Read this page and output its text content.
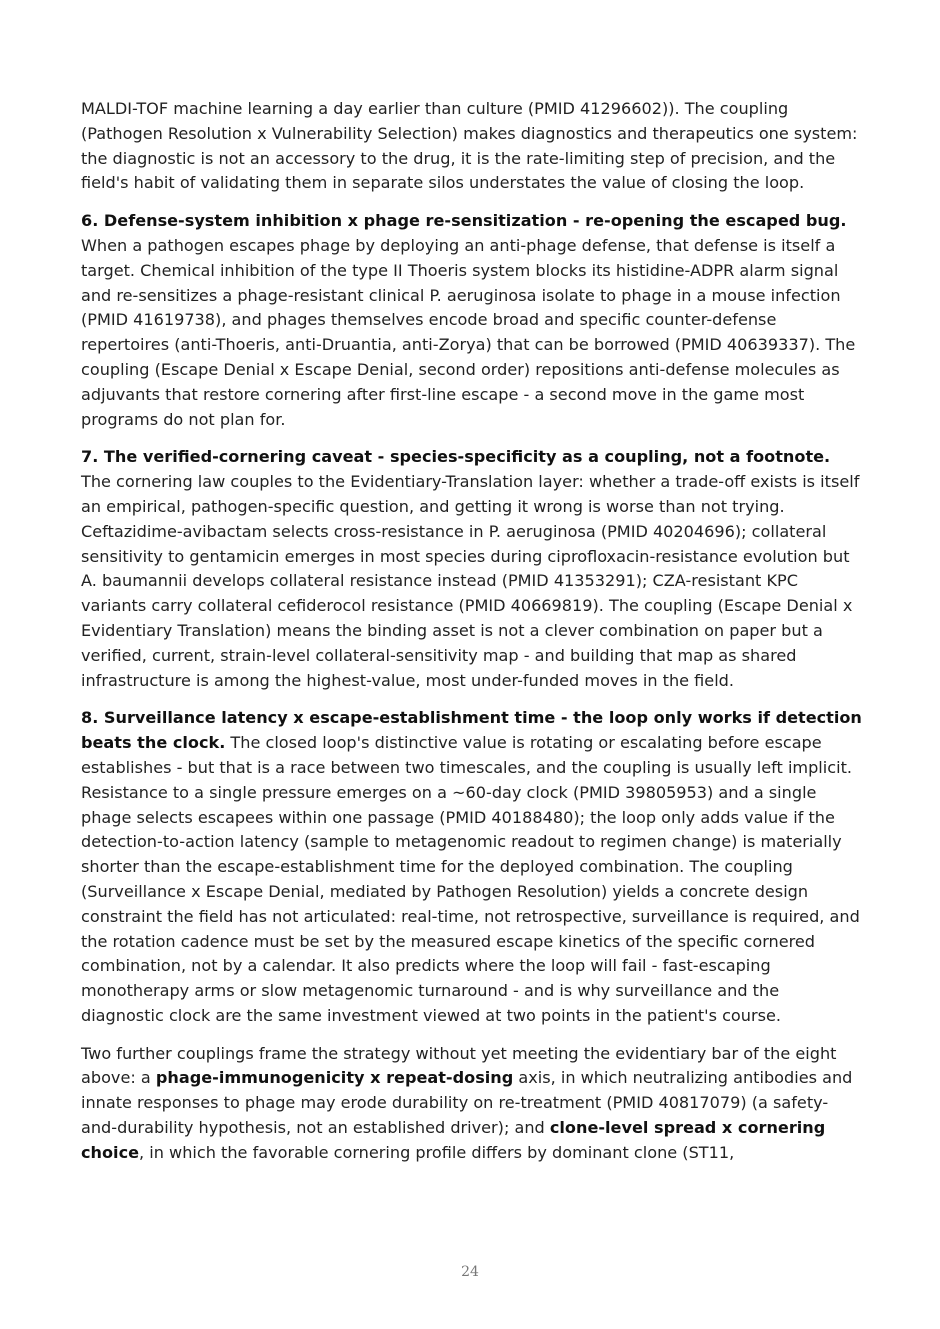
MALDI-TOF machine learning a day earlier than culture (PMID 41296602)). The coupling (Pathogen Resolution x Vulnerability Selection) makes diagnostics and therapeutics one system: the diagnostic is not an accessory to the drug, it is the rate-limiting step of precision, and the field's habit of validating them in separate silos understates the value of closing the loop.

6. Defense-system inhibition x phage re-sensitization - re-opening the escaped bug. When a pathogen escapes phage by deploying an anti-phage defense, that defense is itself a target. Chemical inhibition of the type II Thoeris system blocks its histidine-ADPR alarm signal and re-sensitizes a phage-resistant clinical P. aeruginosa isolate to phage in a mouse infection (PMID 41619738), and phages themselves encode broad and specific counter-defense repertoires (anti-Thoeris, anti-Druantia, anti-Zorya) that can be borrowed (PMID 40639337). The coupling (Escape Denial x Escape Denial, second order) repositions anti-defense molecules as adjuvants that restore cornering after first-line escape - a second move in the game most programs do not plan for.

7. The verified-cornering caveat - species-specificity as a coupling, not a footnote. The cornering law couples to the Evidentiary-Translation layer: whether a trade-off exists is itself an empirical, pathogen-specific question, and getting it wrong is worse than not trying. Ceftazidime-avibactam selects cross-resistance in P. aeruginosa (PMID 40204696); collateral sensitivity to gentamicin emerges in most species during ciprofloxacin-resistance evolution but A. baumannii develops collateral resistance instead (PMID 41353291); CZA-resistant KPC variants carry collateral cefiderocol resistance (PMID 40669819). The coupling (Escape Denial x Evidentiary Translation) means the binding asset is not a clever combination on paper but a verified, current, strain-level collateral-sensitivity map - and building that map as shared infrastructure is among the highest-value, most under-funded moves in the field.

8. Surveillance latency x escape-establishment time - the loop only works if detection beats the clock. The closed loop's distinctive value is rotating or escalating before escape establishes - but that is a race between two timescales, and the coupling is usually left implicit. Resistance to a single pressure emerges on a ~60-day clock (PMID 39805953) and a single phage selects escapees within one passage (PMID 40188480); the loop only adds value if the detection-to-action latency (sample to metagenomic readout to regimen change) is materially shorter than the escape-establishment time for the deployed combination. The coupling (Surveillance x Escape Denial, mediated by Pathogen Resolution) yields a concrete design constraint the field has not articulated: real-time, not retrospective, surveillance is required, and the rotation cadence must be set by the measured escape kinetics of the specific cornered combination, not by a calendar. It also predicts where the loop will fail - fast-escaping monotherapy arms or slow metagenomic turnaround - and is why surveillance and the diagnostic clock are the same investment viewed at two points in the patient's course.

Two further couplings frame the strategy without yet meeting the evidentiary bar of the eight above: a phage-immunogenicity x repeat-dosing axis, in which neutralizing antibodies and innate responses to phage may erode durability on re-treatment (PMID 40817079) (a safety-and-durability hypothesis, not an established driver); and clone-level spread x cornering choice, in which the favorable cornering profile differs by dominant clone (ST11,

24
